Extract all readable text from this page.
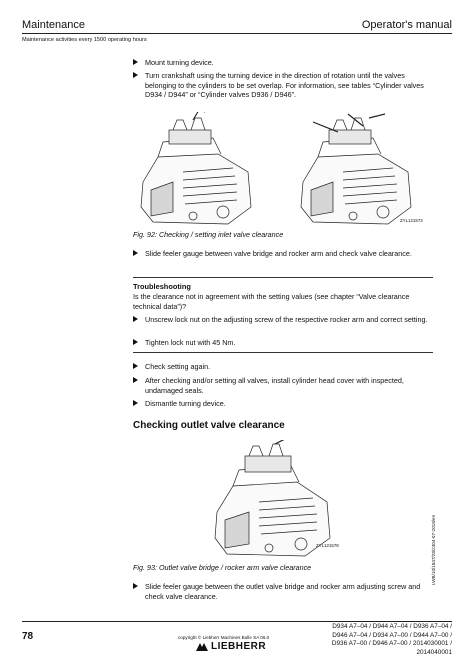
Maintenance	Operator's manual
Maintenance activities every 1500 operating hours
Mount turning device.
Turn crankshaft using the turning device in the direction of rotation until the valves belonging to the cylinders to be set overlap. For information, see tables “Cylinder valves D934 / D944” or “Cylinder valves D936 / D946”.
ZYL121573
Fig. 92: Checking / setting inlet valve clearance
Slide feeler gauge between valve bridge and rocker arm and check valve clearance.
Troubleshooting
Is the clearance not in agreement with the setting values (see chapter “Valve clearance technical data”)?
Unscrew lock nut on the adjusting screw of the respective rocker arm and correct setting.
Tighten lock nut with 45 Nm.
Check setting again.
After checking and/or setting all valves, install cylinder head cover with inspected, undamaged seals.
Dismantle turning device.
Checking outlet valve clearance
ZYL121578
Fig. 93: Outlet valve bridge / rocker arm valve clearance
Slide feeler gauge between the outlet valve bridge and rocker arm adjusting screw and check valve clearance.
LWB/10/1847/28/2404-07-2018/en
78	copyright © Liebherr Machines Bulle SA 06.0
LIEBHERR
D934 A7–04 / D944 A7–04 / D936 A7–04 /
D946 A7–04 / D934 A7–00 / D944 A7–00 /
D936 A7–00 / D946 A7–00 / 2014030001 /
2014040001
